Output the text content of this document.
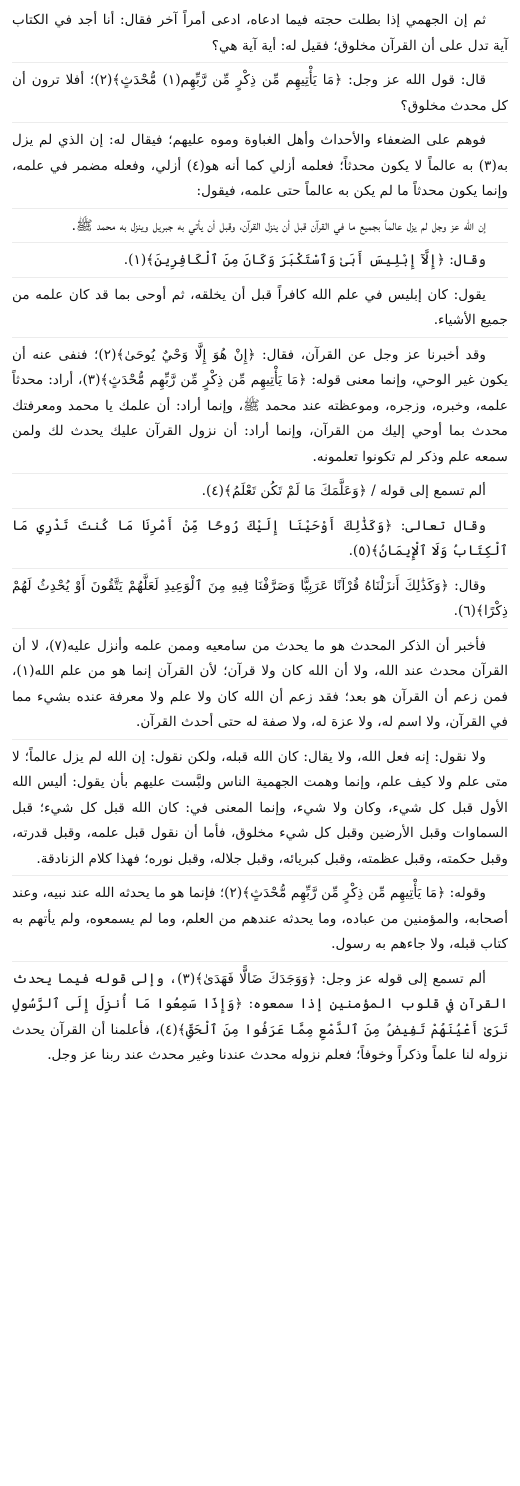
ثم إن الجهمي إذا بطلت حجته فيما ادعاه، ادعى أمراً آخر فقال: أنا أجد في الكتاب آية تدل على أن القرآن مخلوق؛ فقيل له: أية آية هي؟

قال: قول الله عز وجل: ﴿مَا يَأْتِيهِم مِّن ذِكْرٍ مِّن رَّبِّهِم(١) مُّحْدَثٍ﴾(٢)؛ أفلا ترون أن كل محدث مخلوق؟

فوهم على الضعفاء والأحداث وأهل الغباوة وموه عليهم؛ فيقال له: إن الذي لم يزل به(٣) به عالماً لا يكون محدثاً؛ فعلمه أزلي كما أنه هو(٤) أزلي، وفعله مضمر في علمه، وإنما يكون محدثاً ما لم يكن به عالماً حتى علمه، فيقول:

إن الله عز وجل لم يزل عالماً بجميع ما في القرآن قبل أن ينزل القرآن، وقبل أن يأتي به جبريل وينزل به محمد ﷺ.

وقال: ﴿إِلَّآ إِبْلِيسَ أَبَىٰ وَٱسْتَكْبَرَ وَكَانَ مِنَ ٱلْكَافِرِينَ﴾(١).

يقول: كان إبليس في علم الله كافراً قبل أن يخلقه، ثم أوحى بما قد كان علمه من جميع الأشياء.

وقد أخبرنا عز وجل عن القرآن، فقال: ﴿إِنْ هُوَ إِلَّا وَحْيٌ يُوحَىٰ﴾(٢)؛ فنفى عنه أن يكون غير الوحي، وإنما معنى قوله: ﴿مَا يَأْتِيهِم مِّن ذِكْرٍ مِّن رَّبِّهِم مُّحْدَثٍ﴾(٣)، أراد: محدثاً علمه، وخبره، وزجره، وموعظته عند محمد ﷺ، وإنما أراد: أن علمك يا محمد ومعرفتك محدث بما أوحي إليك من القرآن، وإنما أراد: أن نزول القرآن عليك يحدث لك ولمن سمعه علم وذكر لم تكونوا تعلمونه.

ألم تسمع إلى قوله / ﴿وَعَلَّمَكَ مَا لَمْ تَكُن تَعْلَمُ﴾(٤).

وقال تعالى: ﴿وَكَذَٰلِكَ أَوْحَيْنَا إِلَيْكَ رُوحًا مِّنْ أَمْرِنَا مَا كُنتَ تَدْرِي مَا ٱلْكِتَابُ وَلَا ٱلْإِيمَانُ﴾(٥).

وقال: ﴿وَكَذَٰلِكَ أَنزَلْنَاهُ قُرْآنًا عَرَبِيًّا وَصَرَّفْنَا فِيهِ مِنَ ٱلْوَعِيدِ لَعَلَّهُمْ يَتَّقُونَ أَوْ يُحْدِثُ لَهُمْ ذِكْرًا﴾(٦).

فأخبر أن الذكر المحدث هو ما يحدث من سامعيه وممن علمه وأنزل عليه(٧)، لا أن القرآن محدث عند الله، ولا أن الله كان ولا قرآن؛ لأن القرآن إنما هو من علم الله(١)، فمن زعم أن القرآن هو بعد؛ فقد زعم أن الله كان ولا علم ولا معرفة عنده بشيء مما في القرآن، ولا اسم له، ولا عزة له، ولا صفة له حتى أحدث القرآن.

ولا نقول: إنه فعل الله، ولا يقال: كان الله قبله، ولكن نقول: إن الله لم يزل عالماً؛ لا متى علم ولا كيف علم، وإنما وهمت الجهمية الناس ولبَّست عليهم بأن يقول: أليس الله الأول قبل كل شيء، وكان ولا شيء، وإنما المعنى في: كان الله قبل كل شيء؛ قبل السماوات وقبل الأرضين وقبل كل شيء مخلوق، فأما أن نقول قبل علمه، وقبل قدرته، وقبل حكمته، وقبل عظمته، وقبل كبريائه، وقبل جلاله، وقبل نوره؛ فهذا كلام الزنادقة.

وقوله: ﴿مَا يَأْتِيهِم مِّن ذِكْرٍ مِّن رَّبِّهِم مُّحْدَثٍ﴾(٢)؛ فإنما هو ما يحدثه الله عند نبيه، وعند أصحابه، والمؤمنين من عباده، وما يحدثه عندهم من العلم، وما لم يسمعوه، ولم يأتهم به كتاب قبله، ولا جاءهم به رسول.

ألم تسمع إلى قوله عز وجل: ﴿وَوَجَدَكَ ضَالًّا فَهَدَىٰ﴾(٣)، وإلى قوله فيما يحدث القرآن في قلوب المؤمنين إذا سمعوه: ﴿وَإِذَا سَمِعُوا مَا أُنزِلَ إِلَى ٱلرَّسُولِ تَرَىٰ أَعْيُنَهُمْ تَفِيضُ مِنَ ٱلدَّمْعِ مِمَّا عَرَفُوا مِنَ ٱلْحَقِّ﴾(٤)، فأعلمنا أن القرآن يحدث نزوله لنا علماً وذكراً وخوفاً؛ فعلم نزوله محدث عندنا وغير محدث عند ربنا عز وجل.
